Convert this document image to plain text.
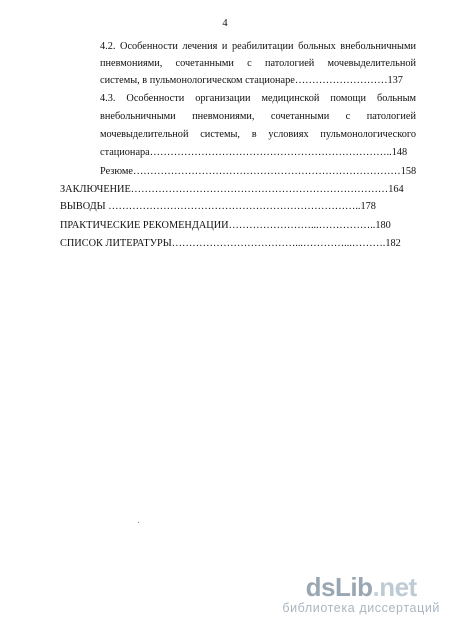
4
4.2. Особенности лечения и реабилитации больных внебольничными
пневмониями, сочетанными с патологией мочевыделительной
системы, в пульмонологическом стационаре………………………137
4.3. Особенности организации медицинской помощи больным
внебольничными пневмониями, сочетанными с патологией
мочевыделительной системы, в условиях пульмонологического
стационара……………………………………………………………..148
Резюме……………………………………………………………………158
ЗАКЛЮЧЕНИЕ…………………………………………………………………164
ВЫВОДЫ ………………………………………………………………..178
ПРАКТИЧЕСКИЕ РЕКОМЕНДАЦИИ……………………...……………..180
СПИСОК ЛИТЕРАТУРЫ………………………………...…………...……….182
dsLib.net
библиотека диссертаций
